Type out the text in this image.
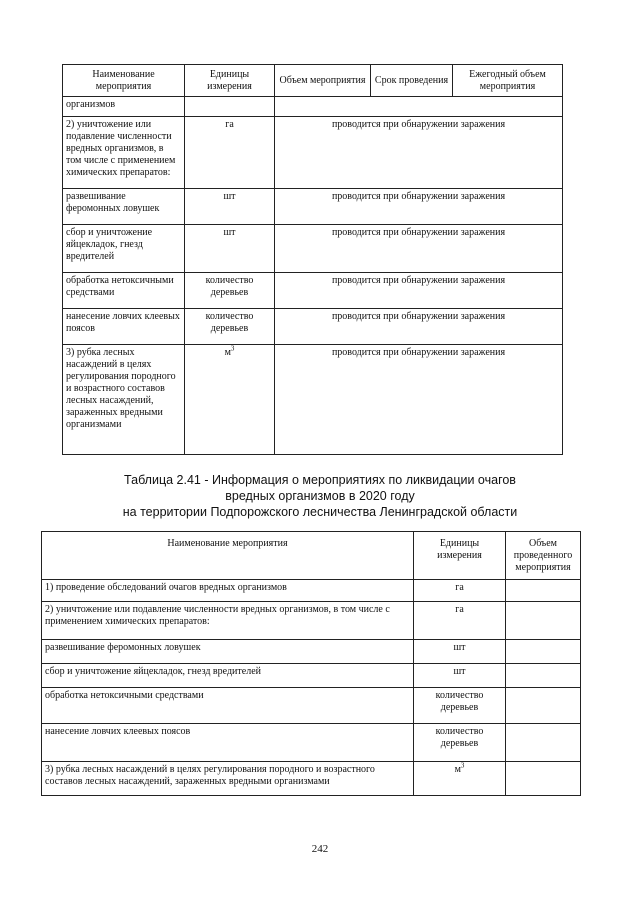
Наименование мероприятия	Единицы измерения	Объем мероприятия	Срок проведения	Ежегодный объем мероприятия
организмов				
2) уничтожение или подавление численности вредных организмов, в том числе с применением химических препаратов:	га	проводится при обнаружении заражения		
развешивание феромонных ловушек	шт	проводится при обнаружении заражения		
сбор и уничтожение яйцекладок, гнезд вредителей	шт	проводится при обнаружении заражения		
обработка нетоксичными средствами	количество деревьев	проводится при обнаружении заражения		
нанесение ловчих клеевых поясов	количество деревьев	проводится при обнаружении заражения		
3) рубка лесных насаждений в целях регулирования породного и возрастного составов лесных насаждений, зараженных вредными организмами	$м^3$	проводится при обнаружении заражения		
Таблица 2.41 - Информация о мероприятиях по ликвидации очагов
вредных организмов в 2020 году
на территории Подпорожского лесничества Ленинградской области
Наименование мероприятия	Единицы измерения	Объем проведенного мероприятия
1) проведение обследований очагов вредных организмов	га	
2) уничтожение или подавление численности вредных организмов, в том числе с применением химических препаратов:	га	
развешивание феромонных ловушек	шт	
сбор и уничтожение яйцекладок, гнезд вредителей	шт	
обработка нетоксичными средствами	количество деревьев	
нанесение ловчих клеевых поясов	количество деревьев	
3) рубка лесных насаждений в целях регулирования породного и возрастного составов лесных насаждений, зараженных вредными организмами	$м^3$	
242
